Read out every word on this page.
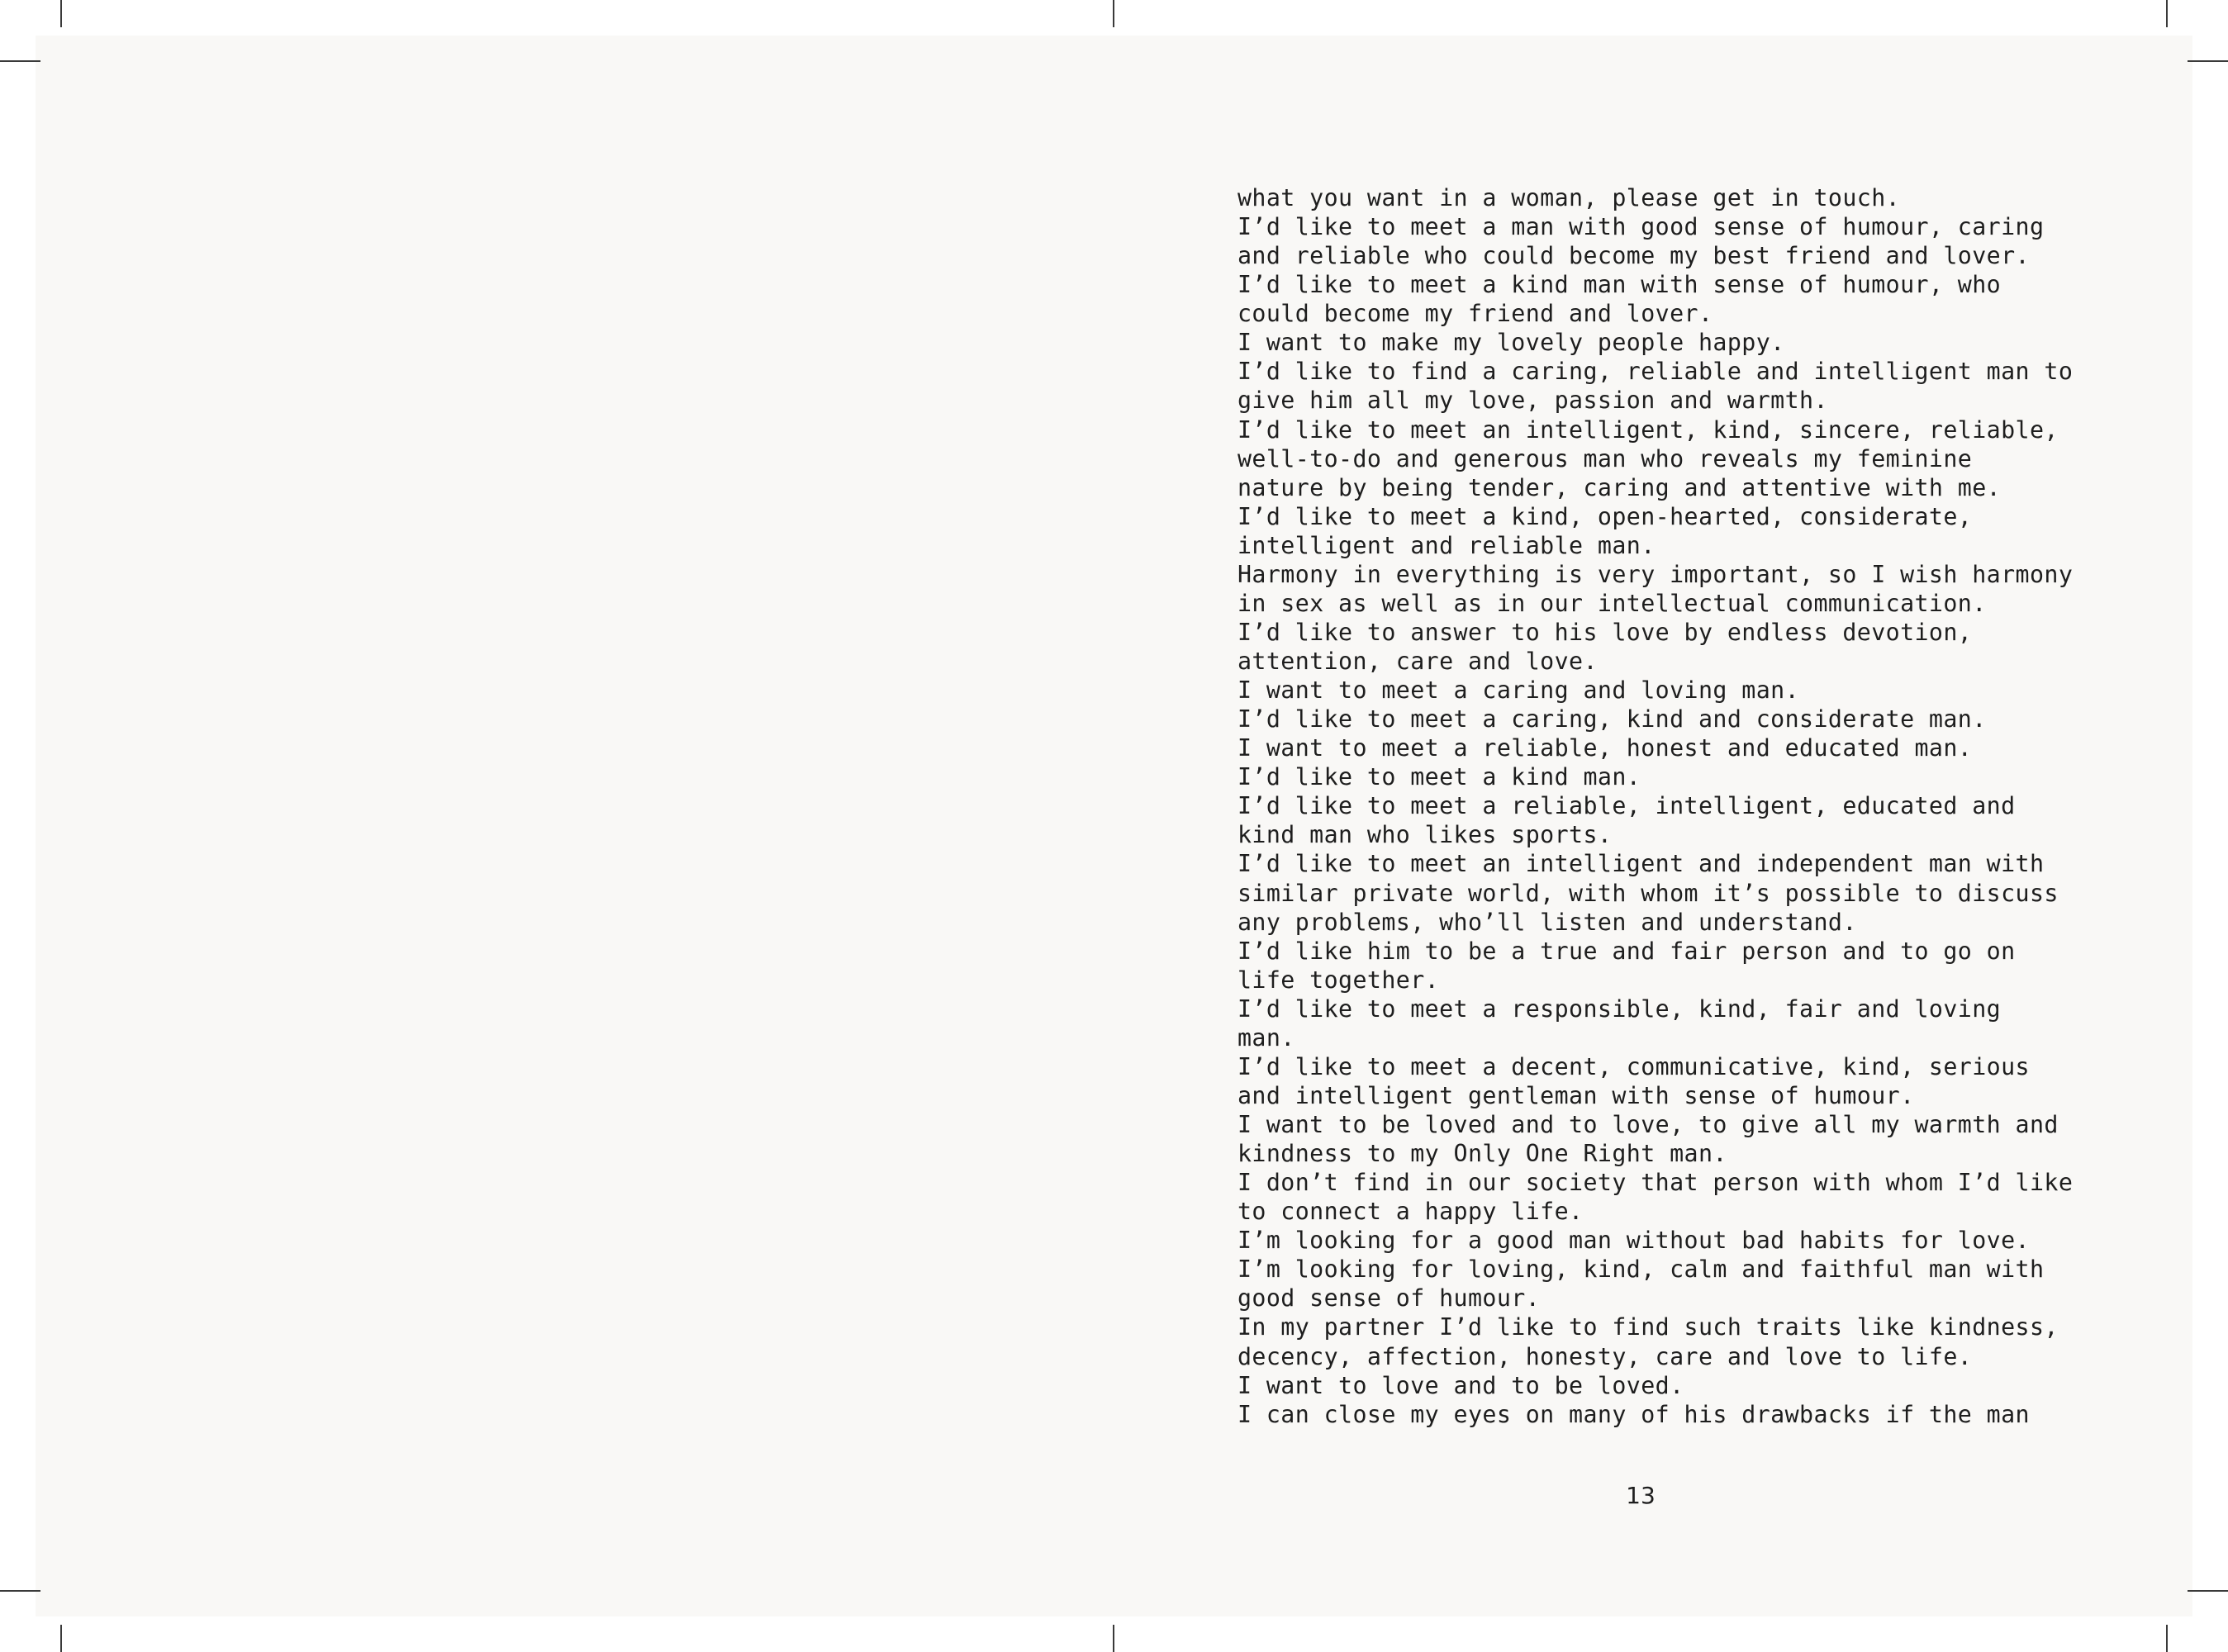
what you want in a woman, please get in touch.
I’d like to meet a man with good sense of humour, caring
and reliable who could become my best friend and lover.
I’d like to meet a kind man with sense of humour, who
could become my friend and lover.
I want to make my lovely people happy.
I’d like to find a caring, reliable and intelligent man to
give him all my love, passion and warmth.
I’d like to meet an intelligent, kind, sincere, reliable,
well-to-do and generous man who reveals my feminine
nature by being tender, caring and attentive with me.
I’d like to meet a kind, open-hearted, considerate,
intelligent and reliable man.
Harmony in everything is very important, so I wish harmony
in sex as well as in our intellectual communication.
I’d like to answer to his love by endless devotion,
attention, care and love.
I want to meet a caring and loving man.
I’d like to meet a caring, kind and considerate man.
I want to meet a reliable, honest and educated man.
I’d like to meet a kind man.
I’d like to meet a reliable, intelligent, educated and
kind man who likes sports.
I’d like to meet an intelligent and independent man with
similar private world, with whom it’s possible to discuss
any problems, who’ll listen and understand.
I’d like him to be a true and fair person and to go on
life together.
I’d like to meet a responsible, kind, fair and loving
man.
I’d like to meet a decent, communicative, kind, serious
and intelligent gentleman with sense of humour.
I want to be loved and to love, to give all my warmth and
kindness to my Only One Right man.
I don’t find in our society that person with whom I’d like
to connect a happy life.
I’m looking for a good man without bad habits for love.
I’m looking for loving, kind, calm and faithful man with
good sense of humour.
In my partner I’d like to find such traits like kindness,
decency, affection, honesty, care and love to life.
I want to love and to be loved.
I can close my eyes on many of his drawbacks if the man
13
